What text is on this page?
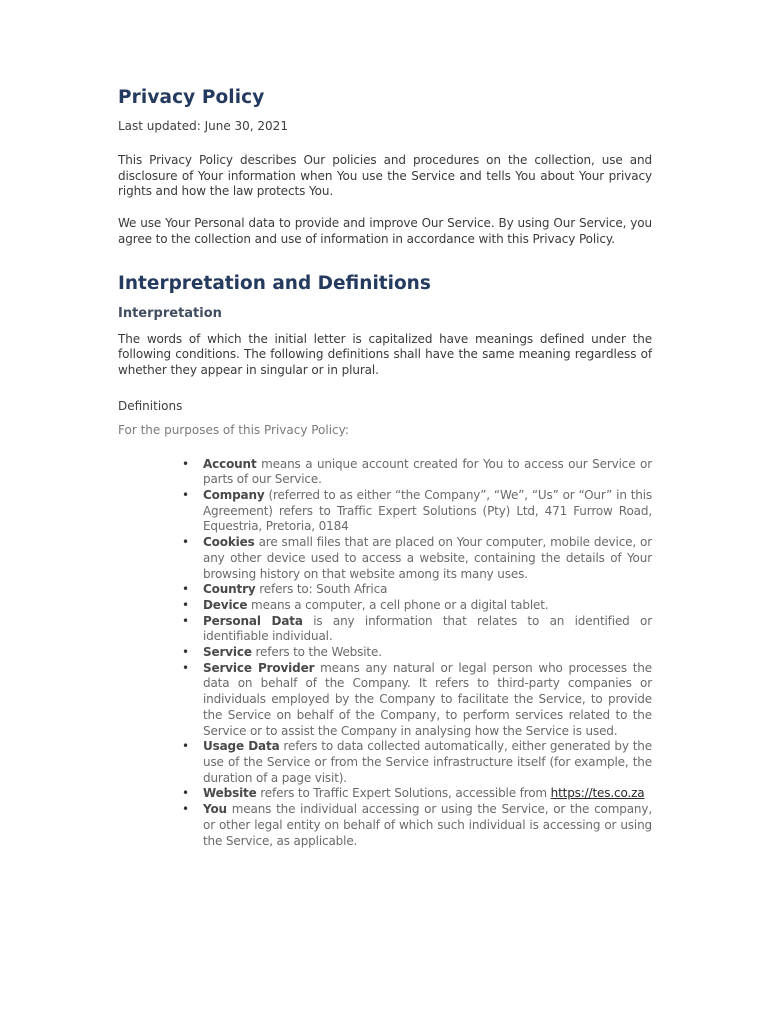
Privacy Policy
Last updated: June 30, 2021

This Privacy Policy describes Our policies and procedures on the collection, use and disclosure of Your information when You use the Service and tells You about Your privacy rights and how the law protects You.

We use Your Personal data to provide and improve Our Service. By using Our Service, you agree to the collection and use of information in accordance with this Privacy Policy.

Interpretation and Definitions
Interpretation

The words of which the initial letter is capitalized have meanings defined under the following conditions. The following definitions shall have the same meaning regardless of whether they appear in singular or in plural.

Definitions
For the purposes of this Privacy Policy:
• Account means a unique account created for You to access our Service or parts of our Service.
• Company (referred to as either “the Company”, “We”, “Us” or “Our” in this Agreement) refers to Traffic Expert Solutions (Pty) Ltd, 471 Furrow Road, Equestria, Pretoria, 0184
• Cookies are small files that are placed on Your computer, mobile device, or any other device used to access a website, containing the details of Your browsing history on that website among its many uses.
• Country refers to: South Africa
• Device means a computer, a cell phone or a digital tablet.
• Personal Data is any information that relates to an identified or identifiable individual.
• Service refers to the Website.
• Service Provider means any natural or legal person who processes the data on behalf of the Company. It refers to third-party companies or individuals employed by the Company to facilitate the Service, to provide the Service on behalf of the Company, to perform services related to the Service or to assist the Company in analysing how the Service is used.
• Usage Data refers to data collected automatically, either generated by the use of the Service or from the Service infrastructure itself (for example, the duration of a page visit).
• Website refers to Traffic Expert Solutions, accessible from https://tes.co.za
• You means the individual accessing or using the Service, or the company, or other legal entity on behalf of which such individual is accessing or using the Service, as applicable.
